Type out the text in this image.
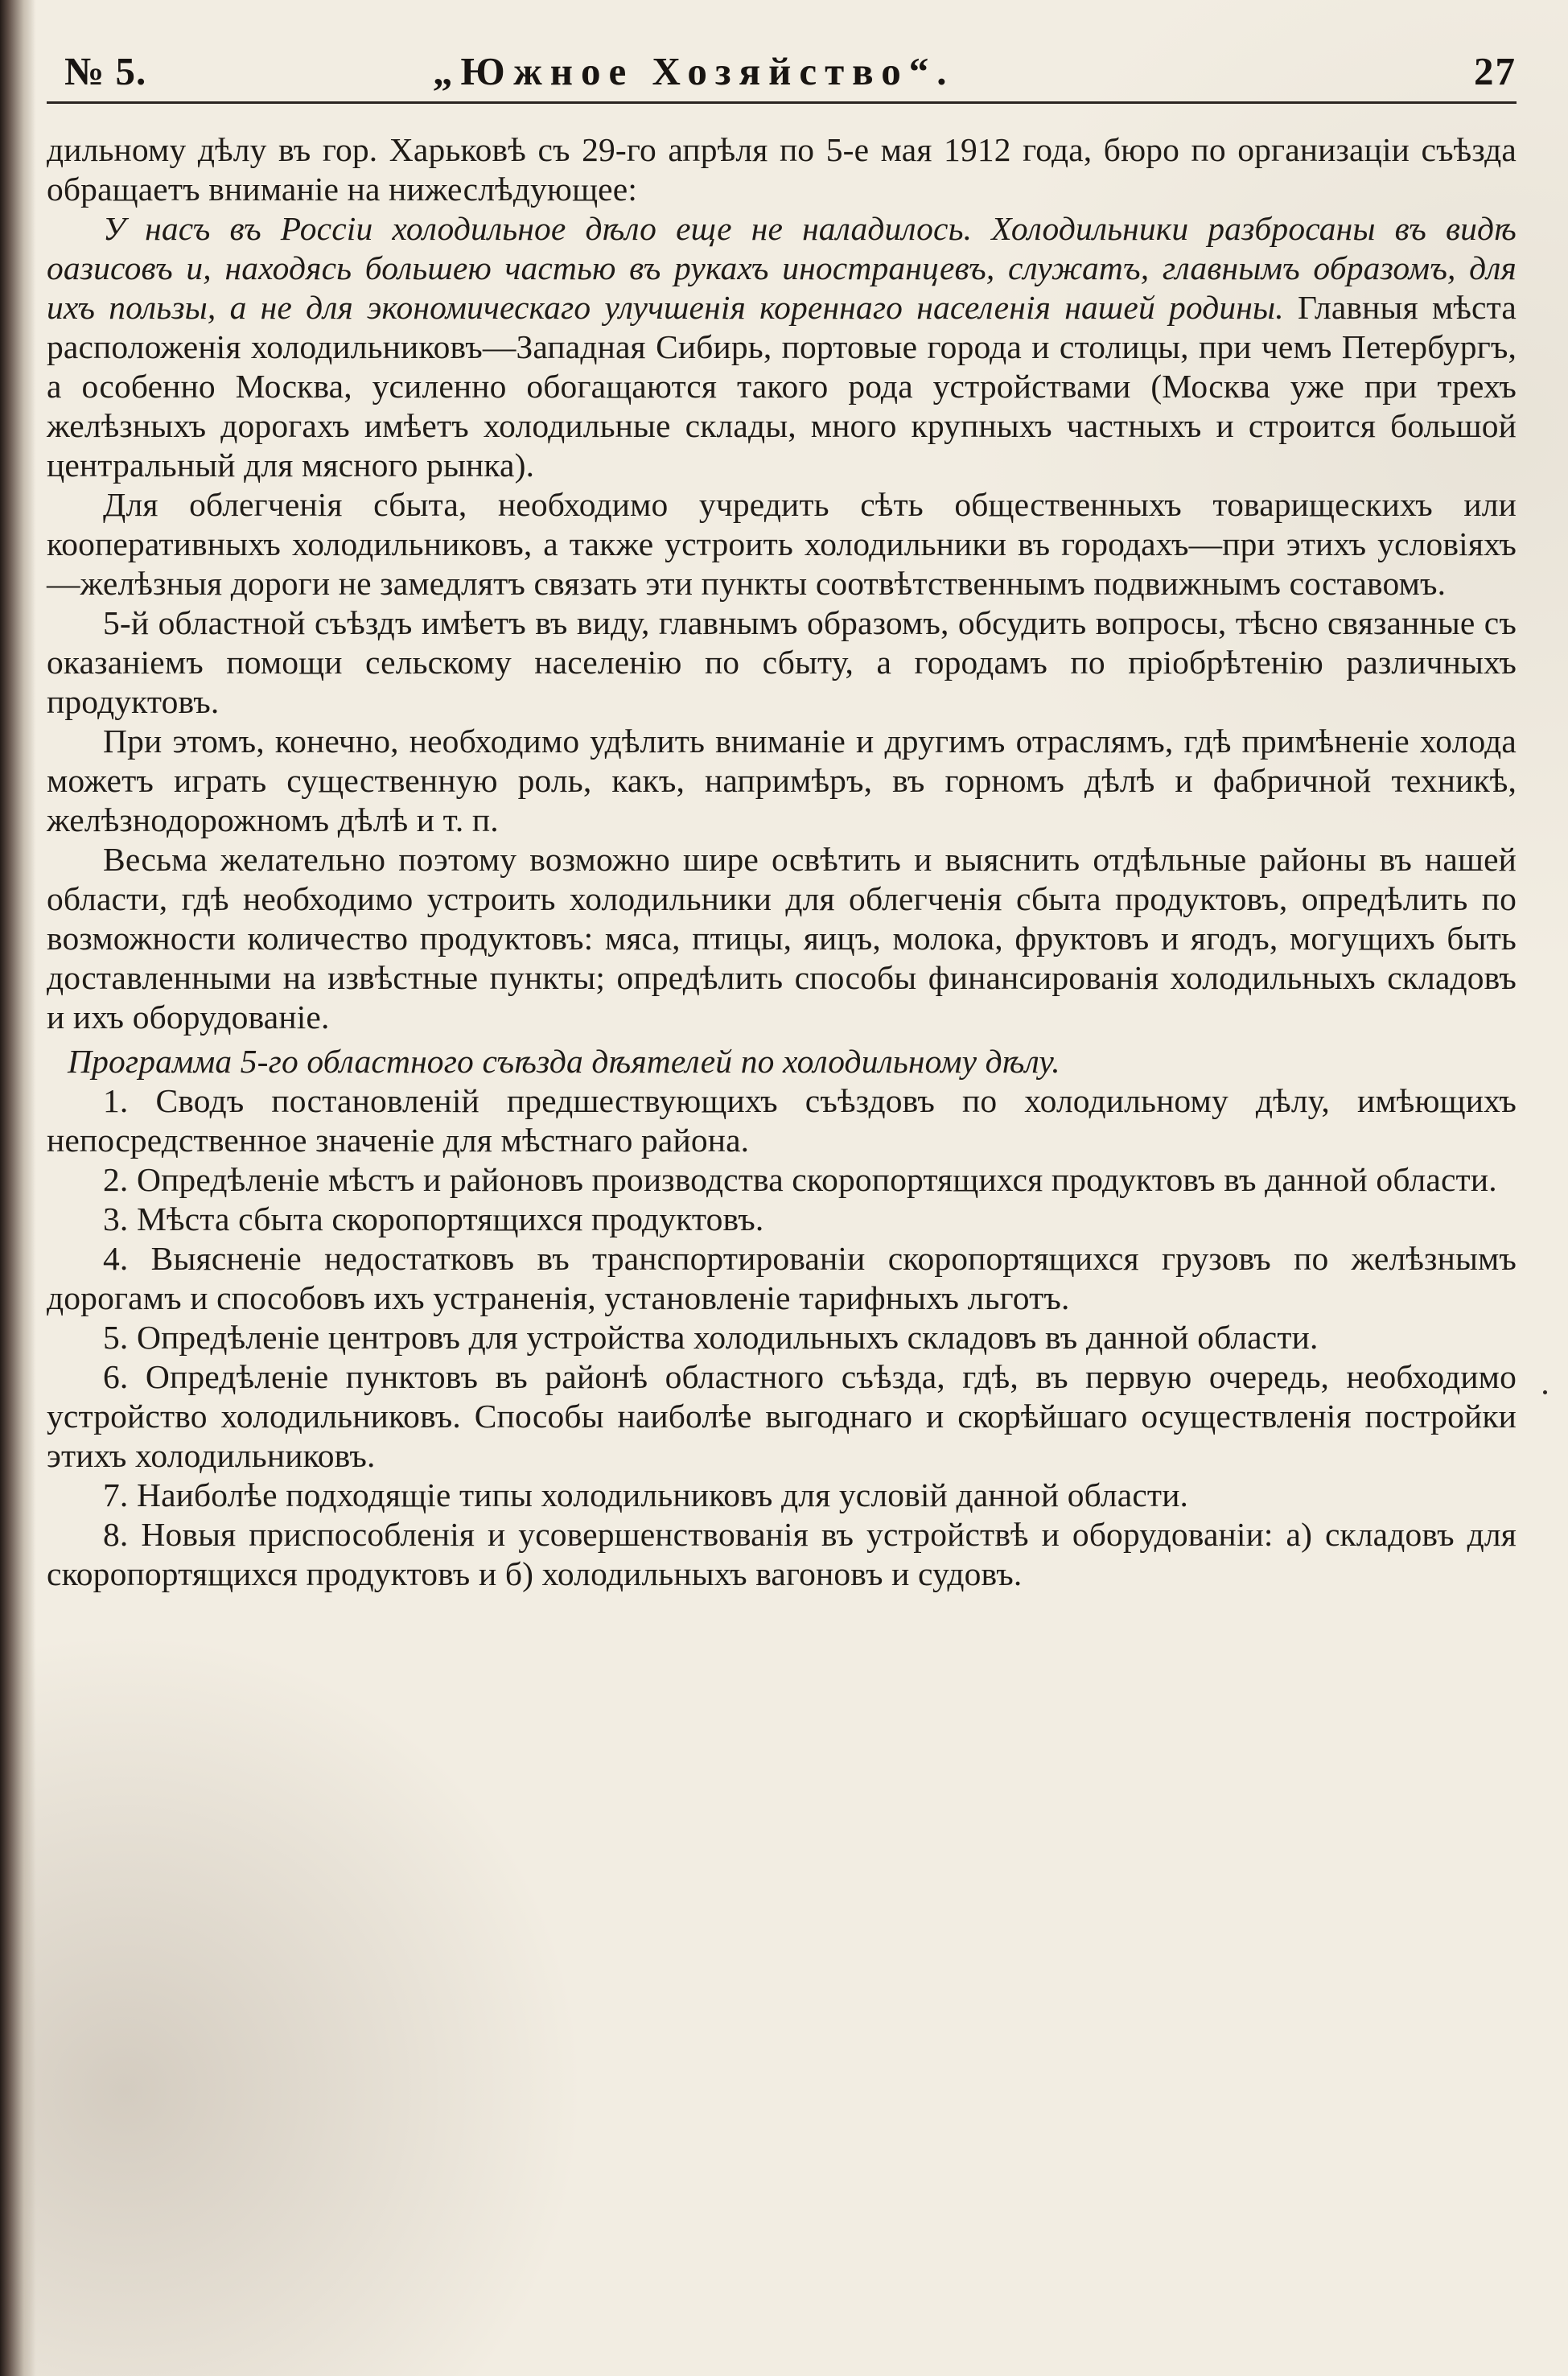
№ 5.	„Южное Хозяйство“.	27

дильному дѣлу въ гор. Харьковѣ съ 29-го апрѣля по 5-е мая 1912 года, бюро по организаціи съѣзда обращаетъ вниманіе на нижеслѣдующее:

У насъ въ Россіи холодильное дѣло еще не наладилось. Холодильники разбросаны въ видѣ оазисовъ и, находясь большею частью въ рукахъ иностранцевъ, служатъ, главнымъ образомъ, для ихъ пользы, а не для экономическаго улучшенія кореннаго населенія нашей родины. Главныя мѣста расположенія холодильниковъ—Западная Сибирь, портовые города и столицы, при чемъ Петербургъ, а особенно Москва, усиленно обогащаются такого рода устройствами (Москва уже при трехъ желѣзныхъ дорогахъ имѣетъ холодильные склады, много крупныхъ частныхъ и строится большой центральный для мясного рынка).

Для облегченія сбыта, необходимо учредить сѣть общественныхъ товарищескихъ или кооперативныхъ холодильниковъ, а также устроить холодильники въ городахъ—при этихъ условіяхъ—желѣзныя дороги не замедлятъ связать эти пункты соотвѣтственнымъ подвижнымъ составомъ.

5-й областной съѣздъ имѣетъ въ виду, главнымъ образомъ, обсудить вопросы, тѣсно связанные съ оказаніемъ помощи сельскому населенію по сбыту, а городамъ по пріобрѣтенію различныхъ продуктовъ.

При этомъ, конечно, необходимо удѣлить вниманіе и другимъ отраслямъ, гдѣ примѣненіе холода можетъ играть существенную роль, какъ, напримѣръ, въ горномъ дѣлѣ и фабричной техникѣ, желѣзнодорожномъ дѣлѣ и т. п.

Весьма желательно поэтому возможно шире освѣтить и выяснить отдѣльные районы въ нашей области, гдѣ необходимо устроить холодильники для облегченія сбыта продуктовъ, опредѣлить по возможности количество продуктовъ: мяса, птицы, яицъ, молока, фруктовъ и ягодъ, могущихъ быть доставленными на извѣстные пункты; опредѣлить способы финансированія холодильныхъ складовъ и ихъ оборудованіе.

Программа 5-го областного съѣзда дѣятелей по холодильному дѣлу.

1. Сводъ постановленій предшествующихъ съѣздовъ по холодильному дѣлу, имѣющихъ непосредственное значеніе для мѣстнаго района.

2. Опредѣленіе мѣстъ и районовъ производства скоропортящихся продуктовъ въ данной области.

3. Мѣста сбыта скоропортящихся продуктовъ.

4. Выясненіе недостатковъ въ транспортированіи скоропортящихся грузовъ по желѣзнымъ дорогамъ и способовъ ихъ устраненія, установленіе тарифныхъ льготъ.

5. Опредѣленіе центровъ для устройства холодильныхъ складовъ въ данной области.

6. Опредѣленіе пунктовъ въ районѣ областного съѣзда, гдѣ, въ первую очередь, необходимо устройство холодильниковъ. Способы наиболѣе выгоднаго и скорѣйшаго осуществленія постройки этихъ холодильниковъ.

7. Наиболѣе подходящіе типы холодильниковъ для условій данной области.

8. Новыя приспособленія и усовершенствованія въ устройствѣ и оборудованіи: а) складовъ для скоропортящихся продуктовъ и б) холодильныхъ вагоновъ и судовъ.
